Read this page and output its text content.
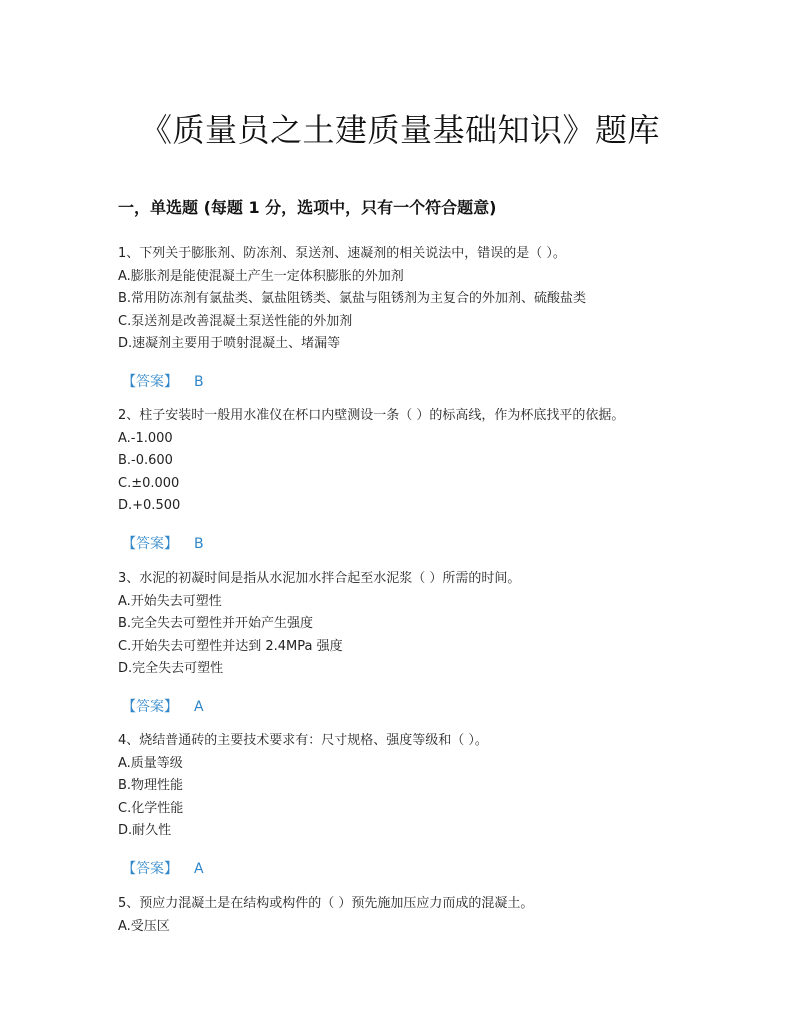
《质量员之土建质量基础知识》题库
一，单选题 (每题 1 分，选项中，只有一个符合题意)
1、下列关于膨胀剂、防冻剂、泵送剂、速凝剂的相关说法中，错误的是（ ）。
A.膨胀剂是能使混凝土产生一定体积膨胀的外加剂
B.常用防冻剂有氯盐类、氯盐阻锈类、氯盐与阻锈剂为主复合的外加剂、硫酸盐类
C.泵送剂是改善混凝土泵送性能的外加剂
D.速凝剂主要用于喷射混凝土、堵漏等
【答案】 B
2、柱子安装时一般用水准仪在杯口内壁测设一条（ ）的标高线，作为杯底找平的依据。
A.-1.000
B.-0.600
C.±0.000
D.+0.500
【答案】 B
3、水泥的初凝时间是指从水泥加水拌合起至水泥浆（ ）所需的时间。
A.开始失去可塑性
B.完全失去可塑性并开始产生强度
C.开始失去可塑性并达到 2.4MPa 强度
D.完全失去可塑性
【答案】 A
4、烧结普通砖的主要技术要求有：尺寸规格、强度等级和（ ）。
A.质量等级
B.物理性能
C.化学性能
D.耐久性
【答案】 A
5、预应力混凝土是在结构或构件的（ ）预先施加压应力而成的混凝土。
A.受压区
